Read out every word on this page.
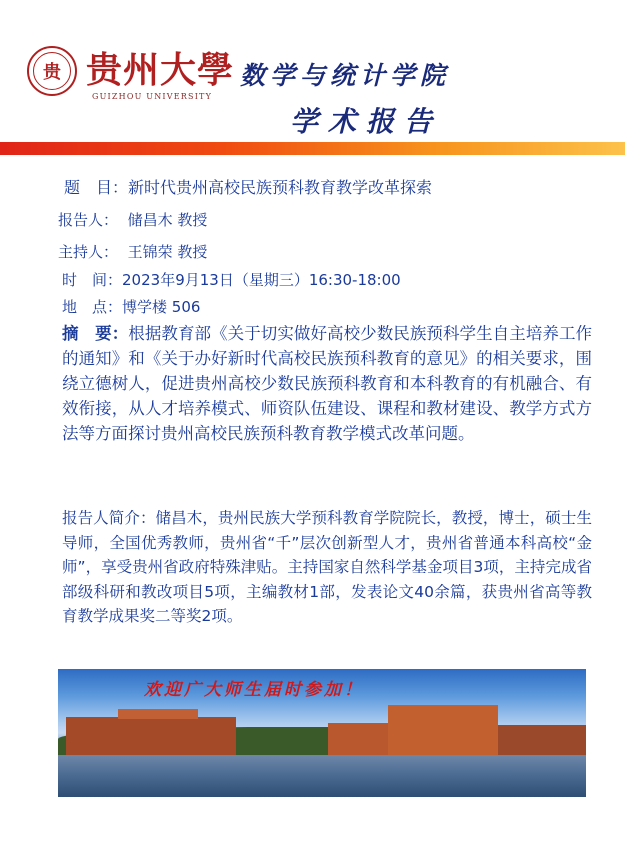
贵 贵州大學
GUIZHOU UNIVERSITY
数学与统计学院
学术报告
题　目：新时代贵州高校民族预科教育教学改革探索
报告人： 储昌木 教授
主持人： 王锦荣 教授
时　间：2023年9月13日（星期三）16:30-18:00
地　点：博学楼 506
摘　要：根据教育部《关于切实做好高校少数民族预科学生自主培养工作的通知》和《关于办好新时代高校民族预科教育的意见》的相关要求，围绕立德树人，促进贵州高校少数民族预科教育和本科教育的有机融合、有效衔接，从人才培养模式、师资队伍建设、课程和教材建设、教学方式方法等方面探讨贵州高校民族预科教育教学模式改革问题。
报告人简介：储昌木，贵州民族大学预科教育学院院长，教授，博士，硕士生导师，全国优秀教师，贵州省“千”层次创新型人才，贵州省普通本科高校“金师”，享受贵州省政府特殊津贴。主持国家自然科学基金项目3项，主持完成省部级科研和教改项目5项，主编教材1部，发表论文40余篇，获贵州省高等教育教学成果奖二等奖2项。
欢迎广大师生届时参加！
